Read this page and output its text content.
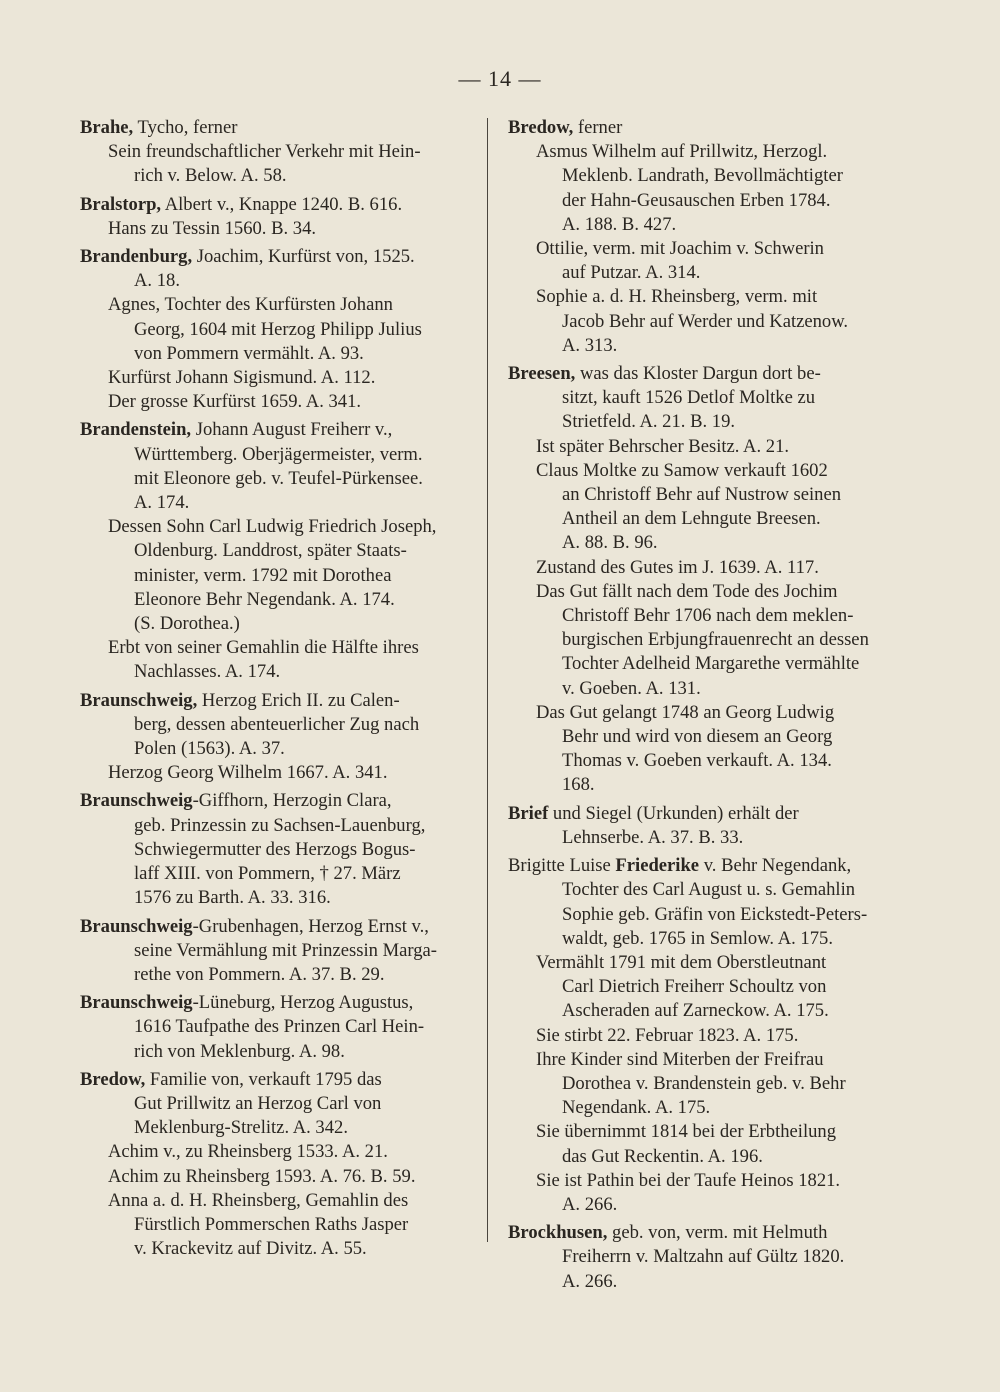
— 14 —
Brahe, Tycho, ferner
Sein freundschaftlicher Verkehr mit Hein-
rich v. Below. A. 58.
Bralstorp, Albert v., Knappe 1240. B. 616.
Hans zu Tessin 1560. B. 34.
Brandenburg, Joachim, Kurfürst von, 1525.
A. 18.
Agnes, Tochter des Kurfürsten Johann
Georg, 1604 mit Herzog Philipp Julius
von Pommern vermählt. A. 93.
Kurfürst Johann Sigismund. A. 112.
Der grosse Kurfürst 1659. A. 341.
Brandenstein, Johann August Freiherr v.,
Württemberg. Oberjägermeister, verm.
mit Eleonore geb. v. Teufel-Pürkensee.
A. 174.
Dessen Sohn Carl Ludwig Friedrich Joseph,
Oldenburg. Landdrost, später Staats-
minister, verm. 1792 mit Dorothea
Eleonore Behr Negendank. A. 174.
(S. Dorothea.)
Erbt von seiner Gemahlin die Hälfte ihres
Nachlasses. A. 174.
Braunschweig, Herzog Erich II. zu Calen-
berg, dessen abenteuerlicher Zug nach
Polen (1563). A. 37.
Herzog Georg Wilhelm 1667. A. 341.
Braunschweig-Giffhorn, Herzogin Clara,
geb. Prinzessin zu Sachsen-Lauenburg,
Schwiegermutter des Herzogs Bogus-
laff XIII. von Pommern, † 27. März
1576 zu Barth. A. 33. 316.
Braunschweig-Grubenhagen, Herzog Ernst v.,
seine Vermählung mit Prinzessin Marga-
rethe von Pommern. A. 37. B. 29.
Braunschweig-Lüneburg, Herzog Augustus,
1616 Taufpathe des Prinzen Carl Hein-
rich von Meklenburg. A. 98.
Bredow, Familie von, verkauft 1795 das
Gut Prillwitz an Herzog Carl von
Meklenburg-Strelitz. A. 342.
Achim v., zu Rheinsberg 1533. A. 21.
Achim zu Rheinsberg 1593. A. 76. B. 59.
Anna a. d. H. Rheinsberg, Gemahlin des
Fürstlich Pommerschen Raths Jasper
v. Krackevitz auf Divitz. A. 55.
Bredow, ferner
Asmus Wilhelm auf Prillwitz, Herzogl.
Meklenb. Landrath, Bevollmächtigter
der Hahn-Geusauschen Erben 1784.
A. 188. B. 427.
Ottilie, verm. mit Joachim v. Schwerin
auf Putzar. A. 314.
Sophie a. d. H. Rheinsberg, verm. mit
Jacob Behr auf Werder und Katzenow.
A. 313.
Breesen, was das Kloster Dargun dort be-
sitzt, kauft 1526 Detlof Moltke zu
Strietfeld. A. 21. B. 19.
Ist später Behrscher Besitz. A. 21.
Claus Moltke zu Samow verkauft 1602
an Christoff Behr auf Nustrow seinen
Antheil an dem Lehngute Breesen.
A. 88. B. 96.
Zustand des Gutes im J. 1639. A. 117.
Das Gut fällt nach dem Tode des Jochim
Christoff Behr 1706 nach dem meklen-
burgischen Erbjungfrauenrecht an dessen
Tochter Adelheid Margarethe vermählte
v. Goeben. A. 131.
Das Gut gelangt 1748 an Georg Ludwig
Behr und wird von diesem an Georg
Thomas v. Goeben verkauft. A. 134.
168.
Brief und Siegel (Urkunden) erhält der
Lehnserbe. A. 37. B. 33.
Brigitte Luise Friederike v. Behr Negendank,
Tochter des Carl August u. s. Gemahlin
Sophie geb. Gräfin von Eickstedt-Peters-
waldt, geb. 1765 in Semlow. A. 175.
Vermählt 1791 mit dem Oberstleutnant
Carl Dietrich Freiherr Schoultz von
Ascheraden auf Zarneckow. A. 175.
Sie stirbt 22. Februar 1823. A. 175.
Ihre Kinder sind Miterben der Freifrau
Dorothea v. Brandenstein geb. v. Behr
Negendank. A. 175.
Sie übernimmt 1814 bei der Erbtheilung
das Gut Reckentin. A. 196.
Sie ist Pathin bei der Taufe Heinos 1821.
A. 266.
Brockhusen, geb. von, verm. mit Helmuth
Freiherrn v. Maltzahn auf Gültz 1820.
A. 266.
